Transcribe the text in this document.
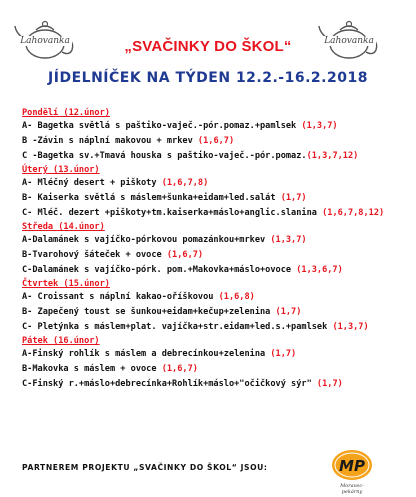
Lahovanka	Lahovanka
„SVAČINKY DO ŠKOL“
JÍDELNÍČEK NA TÝDEN 12.2.-16.2.2018
Pondělí (12.únor)
A- Bagetka světlá s paštiko-vaječ.-pór.pomaz.+pamlsek (1,3,7)
B -Závin s náplní makovou + mrkev (1,6,7)
C -Bagetka sv.+Tmavá houska s paštiko-vaječ.-pór.pomaz.(1,3,7,12)
Úterý (13.únor)
A- Mléčný desert + piškoty (1,6,7,8)
B- Kaiserka světlá s máslem+šunka+eidam+led.salát (1,7)
C- Mléč. dezert +piškoty+tm.kaiserka+máslo+anglic.slanina (1,6,7,8,12)
Středa (14.únor)
A-Dalamánek s vajíčko-pórkovou pomazánkou+mrkev (1,3,7)
B-Tvarohový šáteček + ovoce (1,6,7)
C-Dalamánek s vajíčko-pórk. pom.+Makovka+máslo+ovoce (1,3,6,7)
Čtvrtek (15.únor)
A- Croissant s náplní kakao-oříškovou (1,6,8)
B- Zapečený toust se šunkou+eidam+kečup+zelenina (1,7)
C- Pletýnka s máslem+plat. vajíčka+str.eidam+led.s.+pamlsek (1,3,7)
Pátek (16.únor)
A-Finský rohlík s máslem a debrecínkou+zelenina (1,7)
B-Makovka s máslem + ovoce (1,6,7)
C-Finský r.+máslo+debrecínka+Rohlík+máslo+"očičkový sýr" (1,7)
PARTNEREM PROJEKTU „SVAČINKY DO ŠKOL“ JSOU:	MP
Moravec-pekárny
